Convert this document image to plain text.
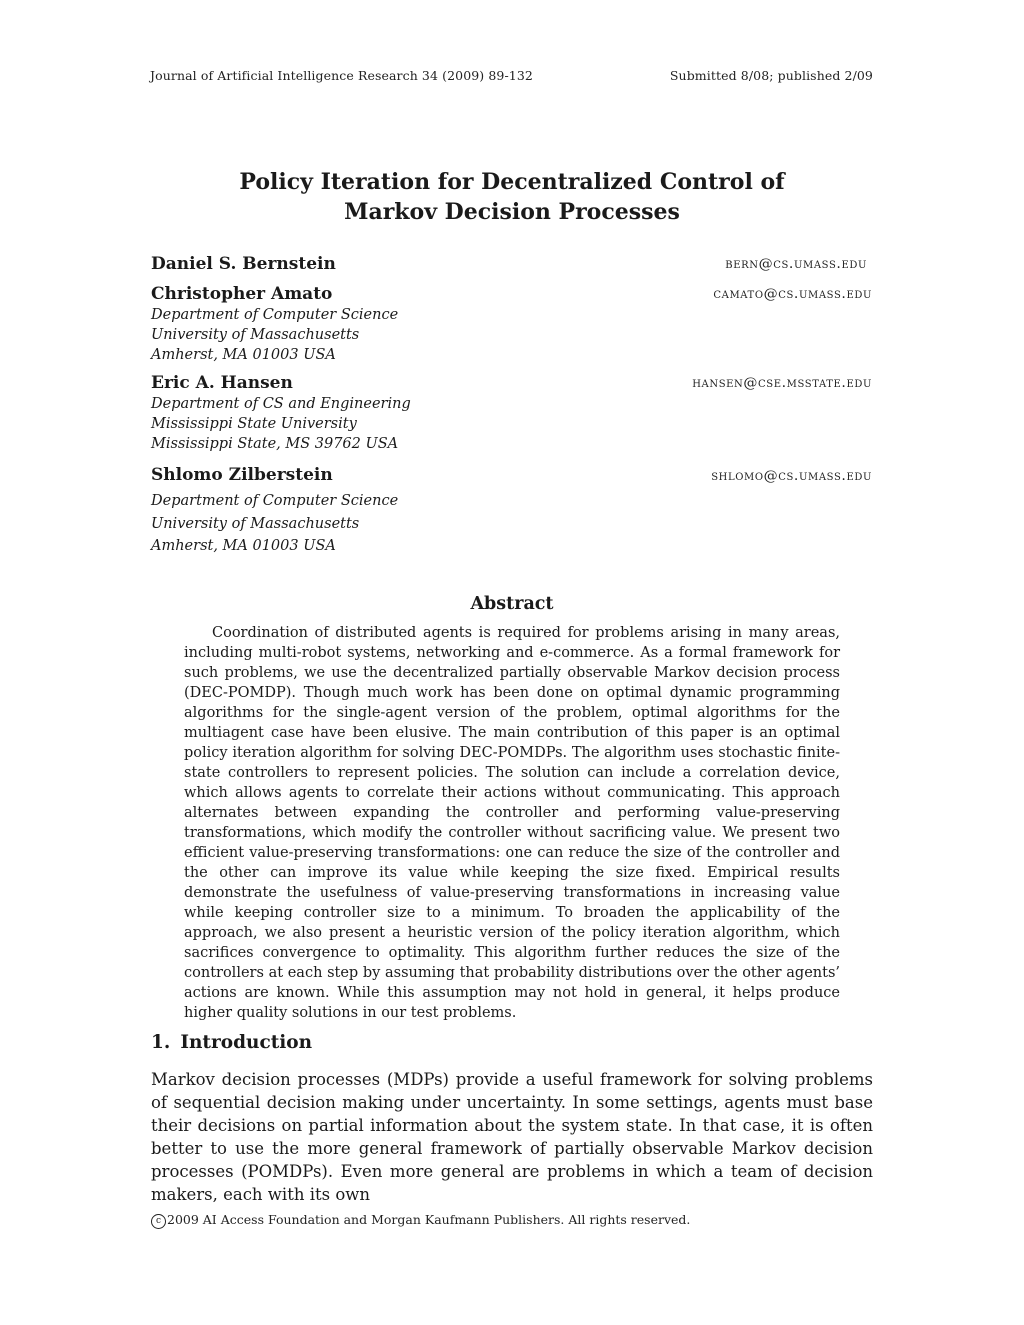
Journal of Artificial Intelligence Research 34 (2009) 89-132	Submitted 8/08; published 2/09
Policy Iteration for Decentralized Control of
Markov Decision Processes
Daniel S. Bernstein	bern@cs.umass.edu
Christopher Amato	camato@cs.umass.edu
Department of Computer Science
University of Massachusetts
Amherst, MA 01003 USA
Eric A. Hansen	hansen@cse.msstate.edu
Department of CS and Engineering
Mississippi State University
Mississippi State, MS 39762 USA
Shlomo Zilberstein	shlomo@cs.umass.edu
Department of Computer Science
University of Massachusetts
Amherst, MA 01003 USA
Abstract
Coordination of distributed agents is required for problems arising in many areas, including multi-robot systems, networking and e-commerce. As a formal framework for such problems, we use the decentralized partially observable Markov decision process (DEC-POMDP). Though much work has been done on optimal dynamic programming algorithms for the single-agent version of the problem, optimal algorithms for the multiagent case have been elusive. The main contribution of this paper is an optimal policy iteration algorithm for solving DEC-POMDPs. The algorithm uses stochastic finite-state controllers to represent policies. The solution can include a correlation device, which allows agents to correlate their actions without communicating. This approach alternates between expanding the controller and performing value-preserving transformations, which modify the controller without sacrificing value. We present two efficient value-preserving transformations: one can reduce the size of the controller and the other can improve its value while keeping the size fixed. Empirical results demonstrate the usefulness of value-preserving transformations in increasing value while keeping controller size to a minimum. To broaden the applicability of the approach, we also present a heuristic version of the policy iteration algorithm, which sacrifices convergence to optimality. This algorithm further reduces the size of the controllers at each step by assuming that probability distributions over the other agents’ actions are known. While this assumption may not hold in general, it helps produce higher quality solutions in our test problems.
1. Introduction
Markov decision processes (MDPs) provide a useful framework for solving problems of sequential decision making under uncertainty. In some settings, agents must base their decisions on partial information about the system state. In that case, it is often better to use the more general framework of partially observable Markov decision processes (POMDPs). Even more general are problems in which a team of decision makers, each with its own
c 2009 AI Access Foundation and Morgan Kaufmann Publishers. All rights reserved.
